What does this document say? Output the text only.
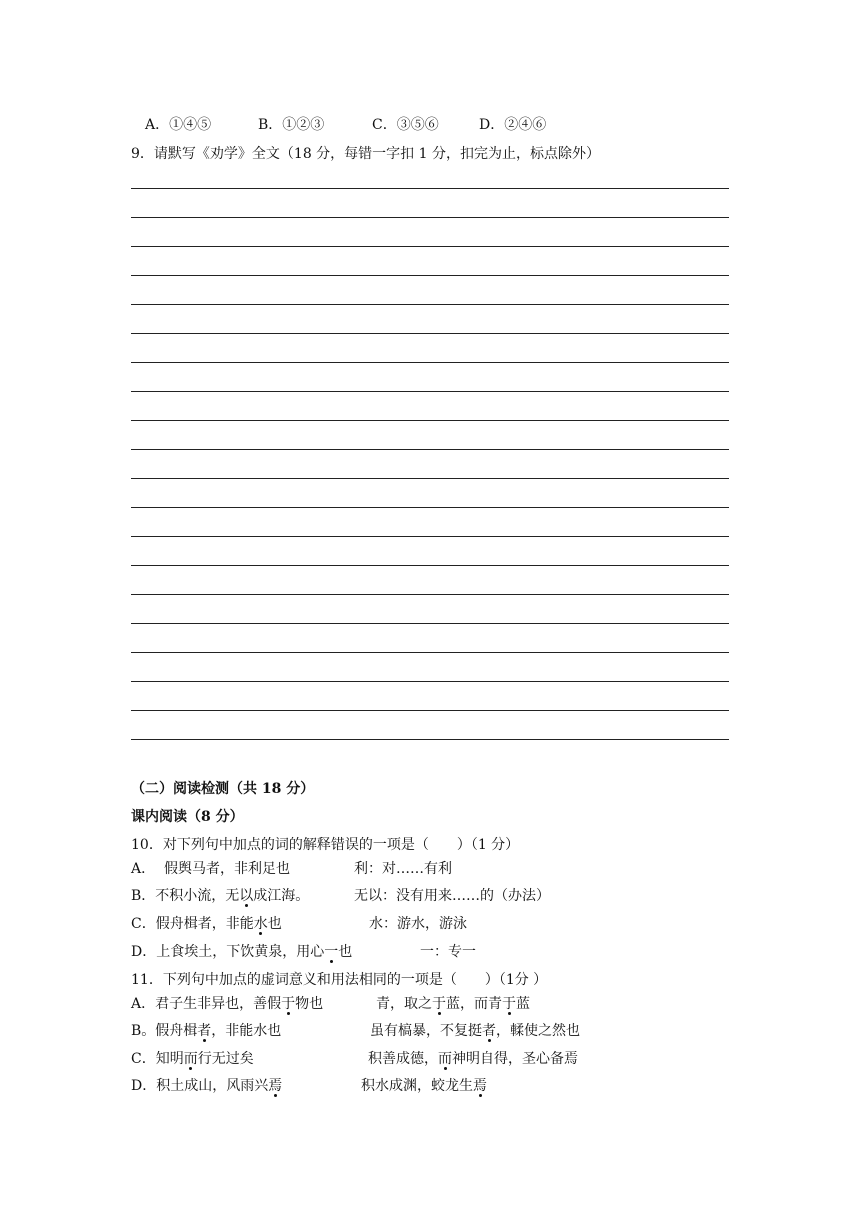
A．①④⑤	B．①②③	C．③⑤⑥	D．②④⑥
9．请默写《劝学》全文（18 分，每错一字扣 1 分，扣完为止，标点除外）
（二）阅读检测（共 18 分）
课内阅读（8 分）
10．对下列句中加点的词的解释错误的一项是（　　）（1 分）
A．  假舆马者，非利足也	利：对……有利
B．不积小流，无以成江海。	无以：没有用来……的（办法）
C．假舟楫者，非能水也	水：游水，游泳
D．上食埃土，下饮黄泉，用心一也	一：专一
11．下列句中加点的虚词意义和用法相同的一项是（　　）（1分 ）
A．君子生非异也，善假于物也	青，取之于蓝，而青于蓝
B。假舟楫者，非能水也	虽有槁暴，不复挺者，輮使之然也
C．知明而行无过矣	积善成德，而神明自得，圣心备焉
D．积土成山，风雨兴焉	积水成渊，蛟龙生焉
